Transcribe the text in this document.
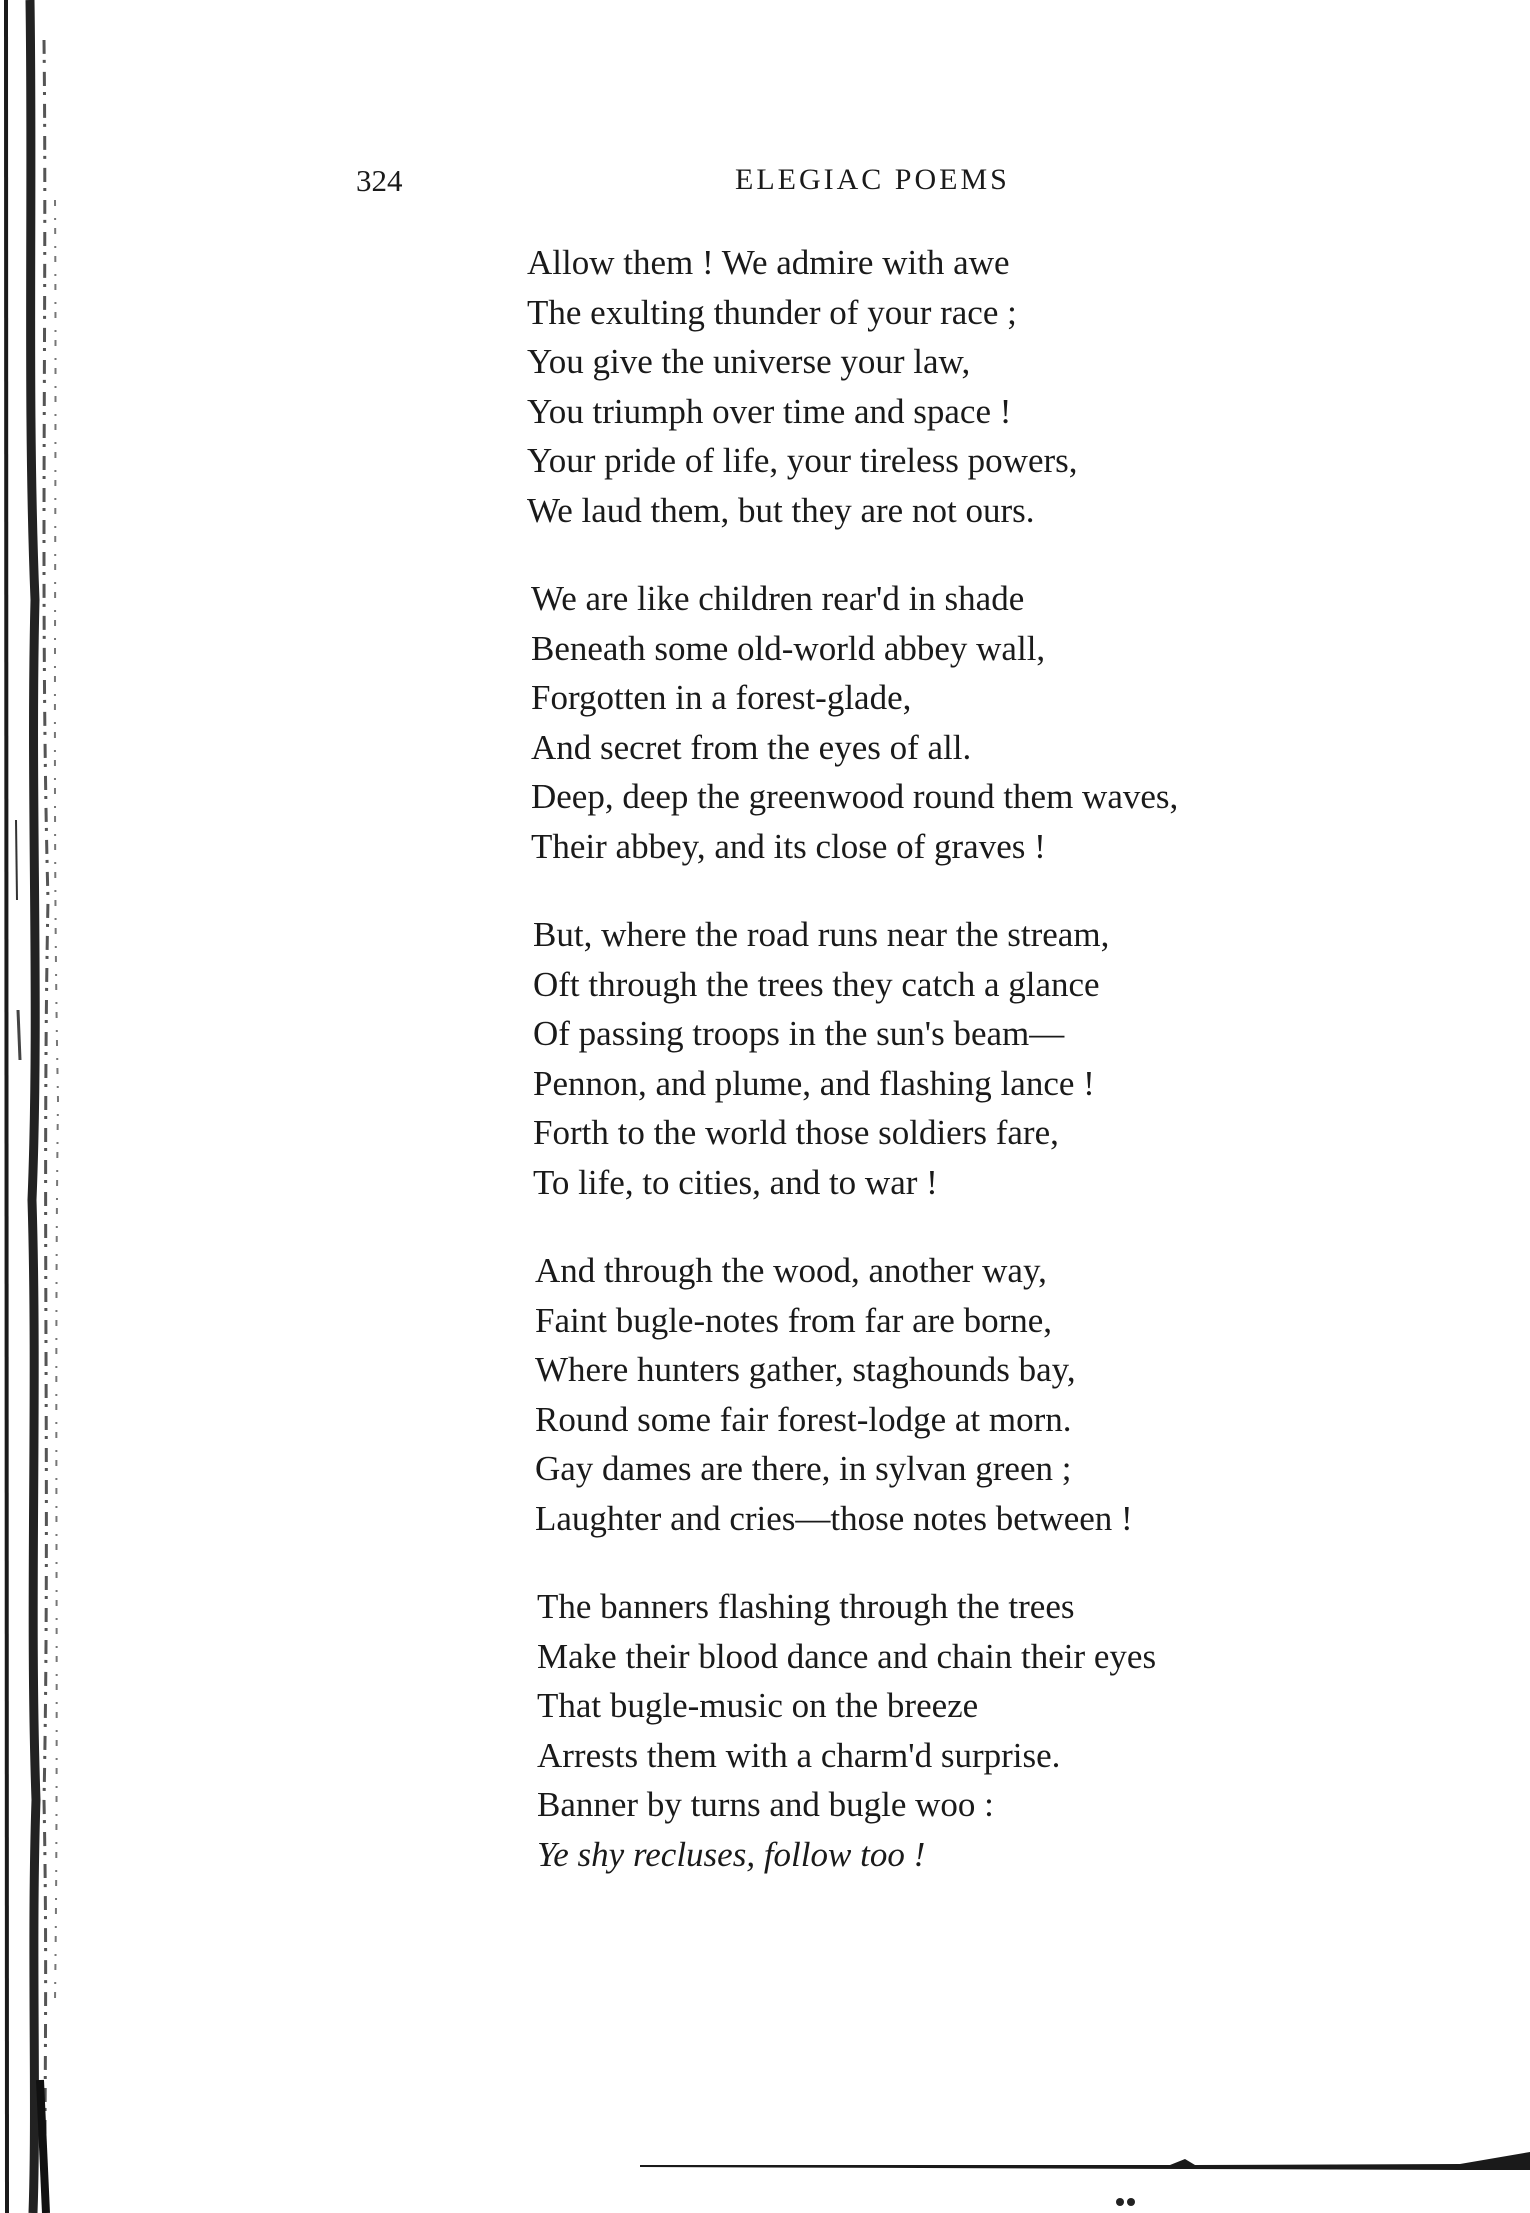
324	ELEGIAC POEMS
Allow them ! We admire with awe
The exulting thunder of your race ;
You give the universe your law,
You triumph over time and space !
Your pride of life, your tireless powers,
We laud them, but they are not ours.
We are like children rear'd in shade
Beneath some old-world abbey wall,
Forgotten in a forest-glade,
And secret from the eyes of all.
Deep, deep the greenwood round them waves,
Their abbey, and its close of graves !
But, where the road runs near the stream,
Oft through the trees they catch a glance
Of passing troops in the sun's beam—
Pennon, and plume, and flashing lance !
Forth to the world those soldiers fare,
To life, to cities, and to war !
And through the wood, another way,
Faint bugle-notes from far are borne,
Where hunters gather, staghounds bay,
Round some fair forest-lodge at morn.
Gay dames are there, in sylvan green ;
Laughter and cries—those notes between !
The banners flashing through the trees
Make their blood dance and chain their eyes
That bugle-music on the breeze
Arrests them with a charm'd surprise.
Banner by turns and bugle woo :
Ye shy recluses, follow too !
